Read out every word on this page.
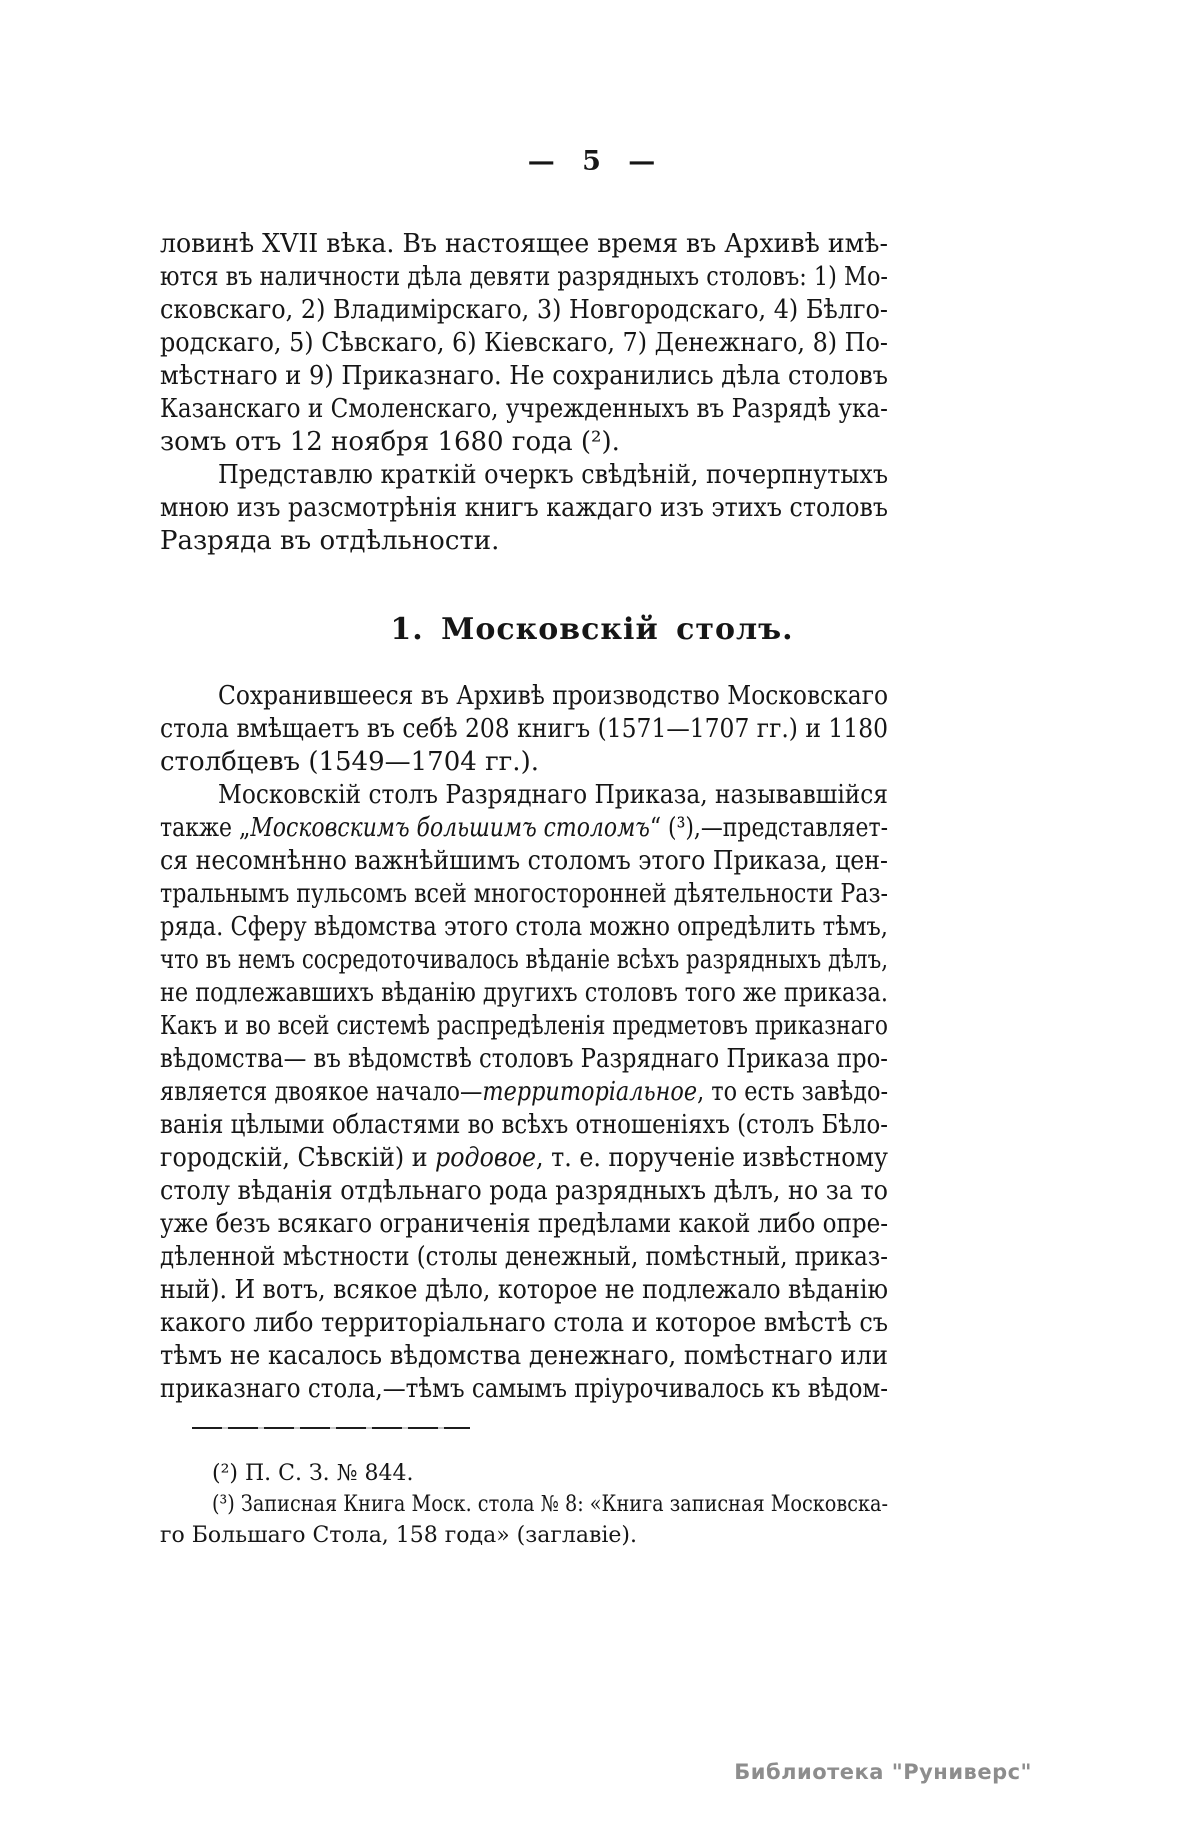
— 5 —
ловинѣ XVII вѣка. Въ настоящее время въ Архивѣ имѣ-
ются въ наличности дѣла девяти разрядныхъ столовъ: 1) Мо-
сковскаго, 2) Владимірскаго, 3) Новгородскаго, 4) Бѣлго-
родскаго, 5) Сѣвскаго, 6) Кіевскаго, 7) Денежнаго, 8) По-
мѣстнаго и 9) Приказнаго. Не сохранились дѣла столовъ
Казанскаго и Смоленскаго, учрежденныхъ въ Разрядѣ ука-
зомъ отъ 12 ноября 1680 года (²).
Представлю краткій очеркъ свѣдѣній, почерпнутыхъ
мною изъ разсмотрѣнія книгъ каждаго изъ этихъ столовъ
Разряда въ отдѣльности.
1. Московскій столъ.
Сохранившееся въ Архивѣ производство Московскаго
стола вмѣщаетъ въ себѣ 208 книгъ (1571—1707 гг.) и 1180
столбцевъ (1549—1704 гг.).
Московскій столъ Разряднаго Приказа, называвшійся
также „Московскимъ большимъ столомъ“ (³),—представляет-
ся несомнѣнно важнѣйшимъ столомъ этого Приказа, цен-
тральнымъ пульсомъ всей многосторонней дѣятельности Раз-
ряда. Сферу вѣдомства этого стола можно опредѣлить тѣмъ,
что въ немъ сосредоточивалось вѣданіе всѣхъ разрядныхъ дѣлъ,
не подлежавшихъ вѣданію другихъ столовъ того же приказа.
Какъ и во всей системѣ распредѣленія предметовъ приказнаго
вѣдомства— въ вѣдомствѣ столовъ Разряднаго Приказа про-
является двоякое начало—территоріальное, то есть завѣдо-
ванія цѣлыми областями во всѣхъ отношеніяхъ (столъ Бѣло-
городскій, Сѣвскій) и родовое, т. е. порученіе извѣстному
столу вѣданія отдѣльнаго рода разрядныхъ дѣлъ, но за то
уже безъ всякаго ограниченія предѣлами какой либо опре-
дѣленной мѣстности (столы денежный, помѣстный, приказ-
ный). И вотъ, всякое дѣло, которое не подлежало вѣданію
какого либо территоріальнаго стола и которое вмѣстѣ съ
тѣмъ не касалось вѣдомства денежнаго, помѣстнаго или
приказнаго стола,—тѣмъ самымъ пріурочивалось къ вѣдом-
(²) П. С. З. № 844.
(³) Записная Книга Моск. стола № 8: «Книга записная Московска-
го Большаго Стола, 158 года» (заглавіе).
Библиотека "Руниверс"
